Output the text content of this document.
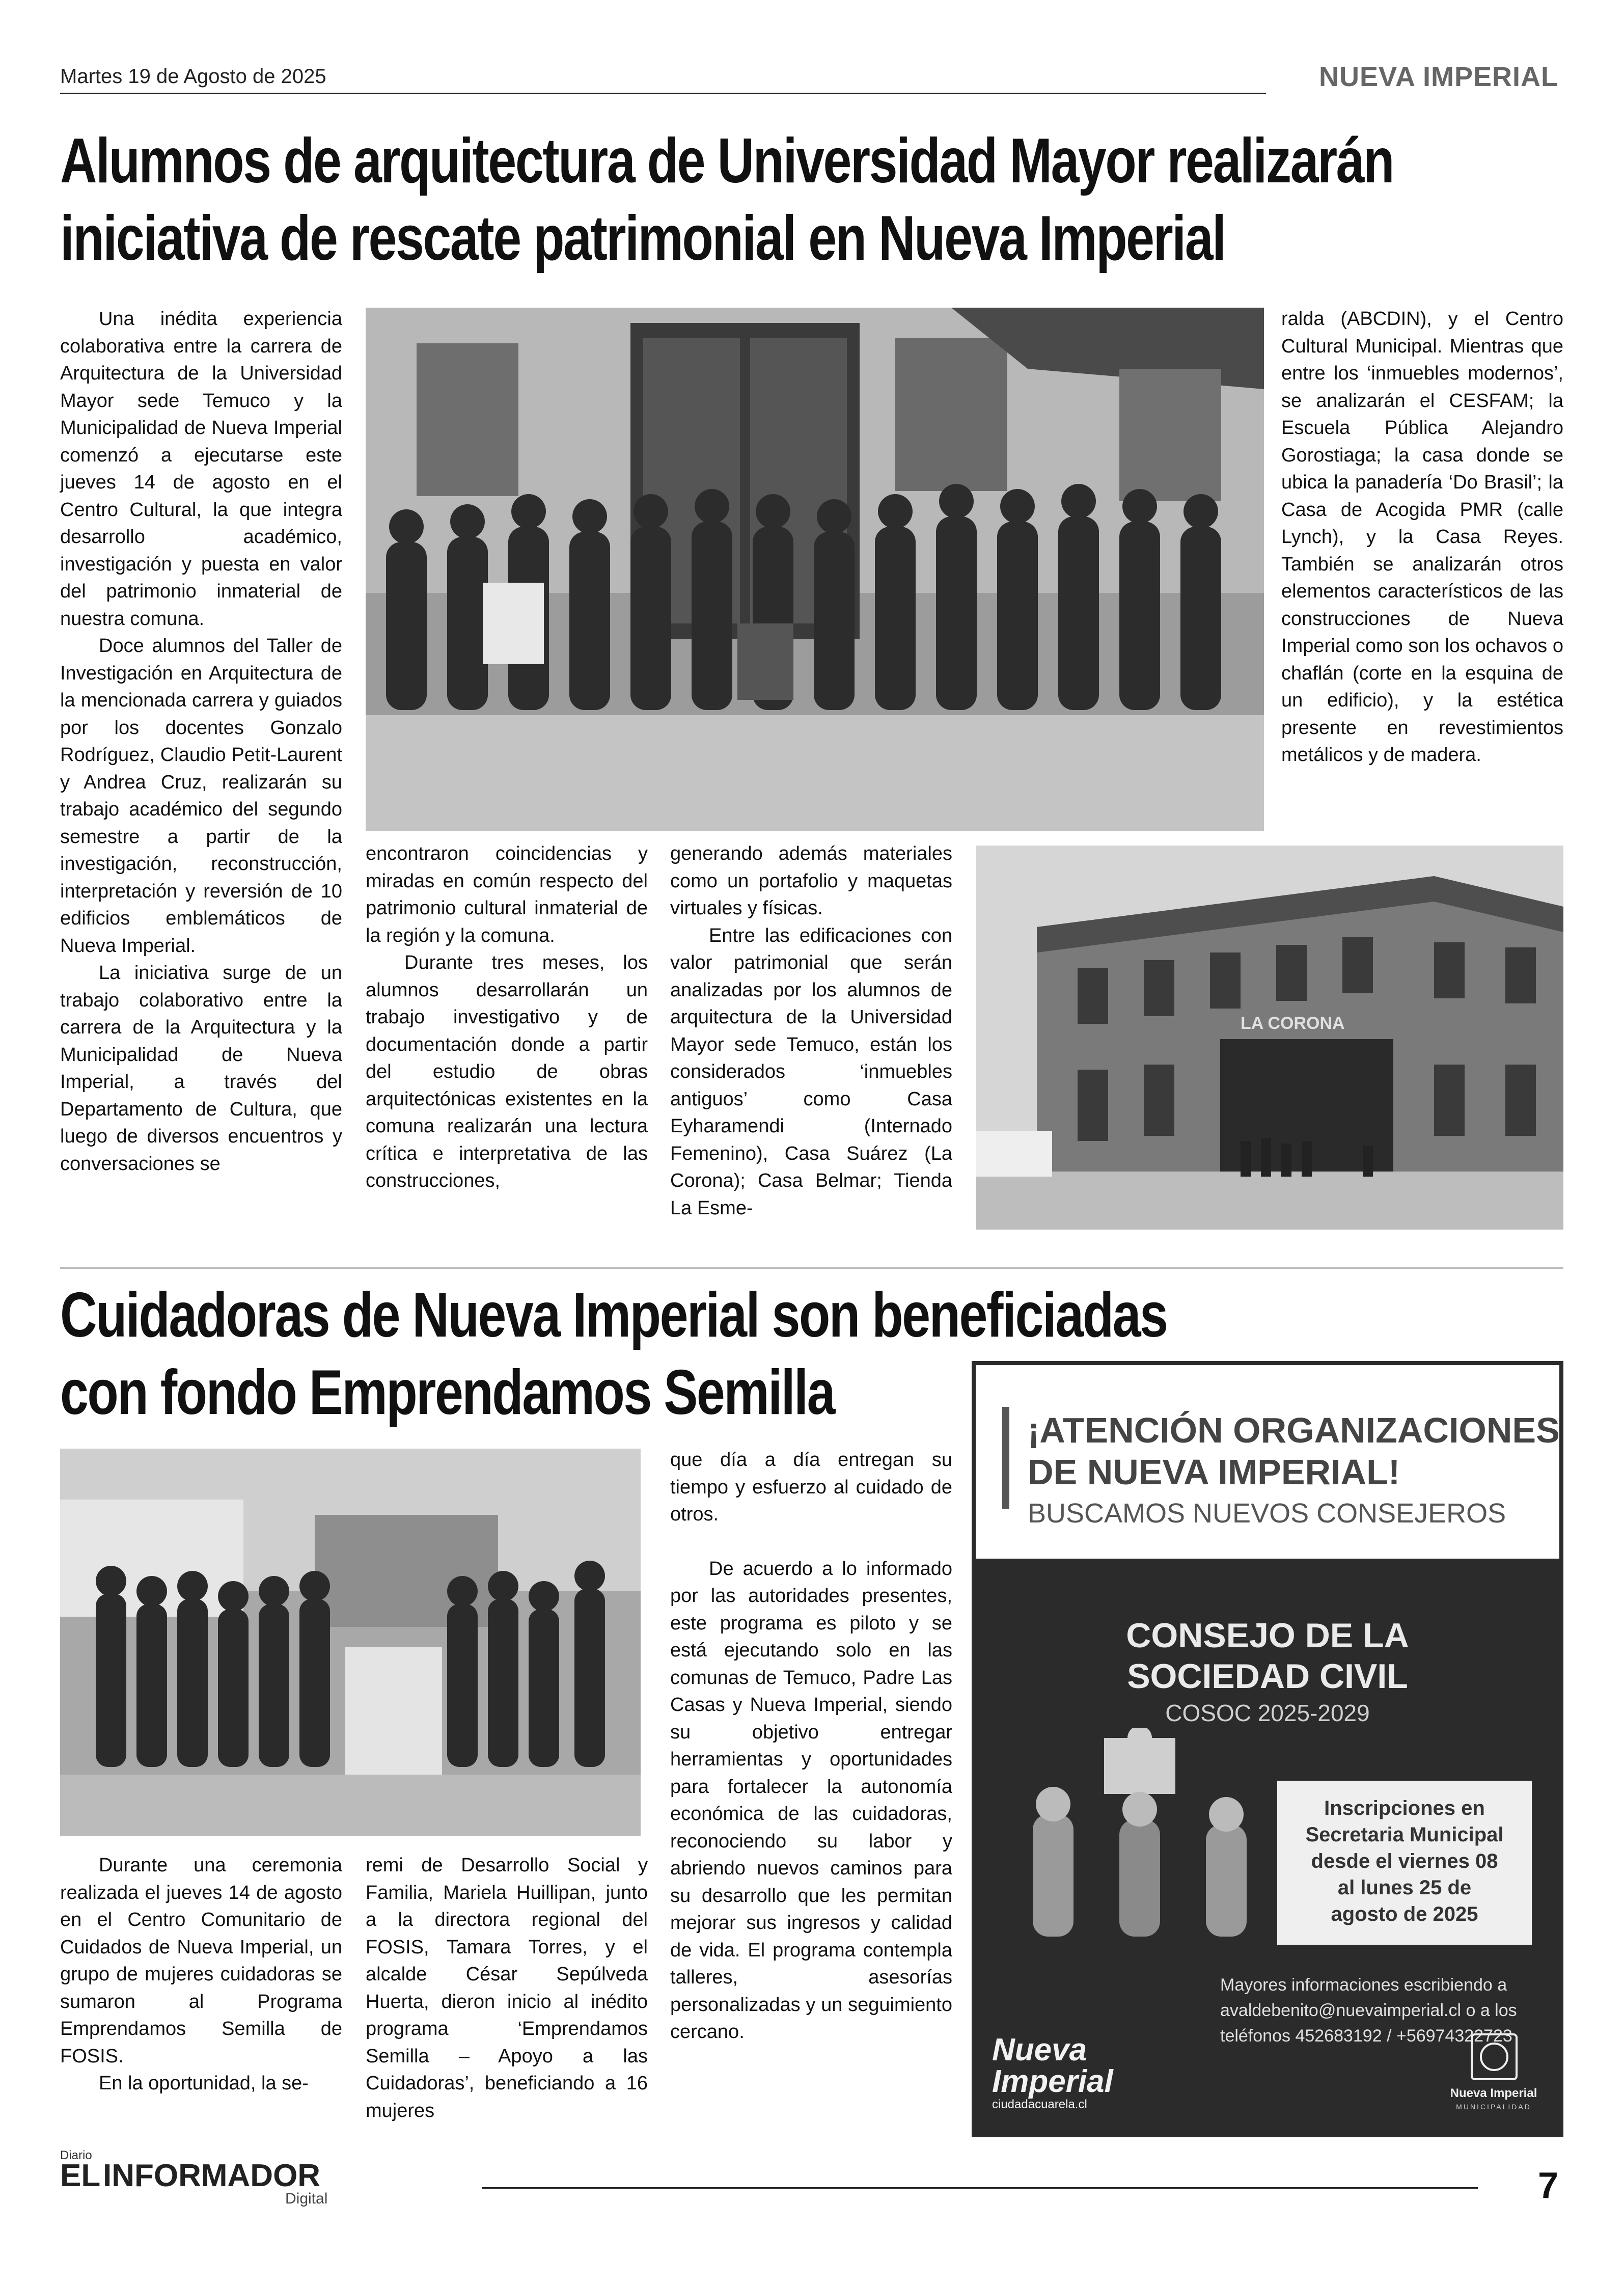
Martes 19 de Agosto de 2025	NUEVA IMPERIAL
Alumnos de arquitectura de Universidad Mayor realizarán
iniciativa de rescate patrimonial en Nueva Imperial
LA CORONA

Una inédita experiencia colaborativa entre la carrera de Arquitectura de la Universidad Mayor sede Temuco y la Municipalidad de Nueva Imperial comenzó a ejecutarse este jueves 14 de agosto en el Centro Cultural, la que integra desarrollo académico, investigación y puesta en valor del patrimonio inmaterial de nuestra comuna.

Doce alumnos del Taller de Investigación en Arquitectura de la mencionada carrera y guiados por los docentes Gonzalo Rodríguez, Claudio Petit-Laurent y Andrea Cruz, realizarán su trabajo académico del segundo semestre a partir de la investigación, reconstrucción, interpretación y reversión de 10 edificios emblemáticos de Nueva Imperial.

La iniciativa surge de un trabajo colaborativo entre la carrera de la Arquitectura y la Municipalidad de Nueva Imperial, a través del Departamento de Cultura, que luego de diversos encuentros y conversaciones se

encontraron coincidencias y miradas en común respecto del patrimonio cultural inmaterial de la región y la comuna.

Durante tres meses, los alumnos desarrollarán un trabajo investigativo y de documentación donde a partir del estudio de obras arquitectónicas existentes en la comuna realizarán una lectura crítica e interpretativa de las construcciones,

generando además materiales como un portafolio y maquetas virtuales y físicas.

Entre las edificaciones con valor patrimonial que serán analizadas por los alumnos de arquitectura de la Universidad Mayor sede Temuco, están los considerados ‘inmuebles antiguos’ como Casa Eyharamendi (Internado Femenino), Casa Suárez (La Corona); Casa Belmar; Tienda La Esme-

ralda (ABCDIN), y el Centro Cultural Municipal. Mientras que entre los ‘inmuebles modernos’, se analizarán el CESFAM; la Escuela Pública Alejandro Gorostiaga; la casa donde se ubica la panadería ‘Do Brasil’; la Casa de Acogida PMR (calle Lynch), y la Casa Reyes. También se analizarán otros elementos característicos de las construcciones de Nueva Imperial como son los ochavos o chaflán (corte en la esquina de un edificio), y la estética presente en revestimientos metálicos y de madera.

Cuidadoras de Nueva Imperial son beneficiadas
con fondo Emprendamos Semilla

Durante una ceremonia realizada el jueves 14 de agosto en el Centro Comunitario de Cuidados de Nueva Imperial, un grupo de mujeres cuidadoras se sumaron al Programa Emprendamos Semilla de FOSIS.

En la oportunidad, la se-

remi de Desarrollo Social y Familia, Mariela Huillipan, junto a la directora regional del FOSIS, Tamara Torres, y el alcalde César Sepúlveda Huerta, dieron inicio al inédito programa ‘Emprendamos Semilla – Apoyo a las Cuidadoras’, beneficiando a 16 mujeres

que día a día entregan su tiempo y esfuerzo al cuidado de otros.

De acuerdo a lo informado por las autoridades presentes, este programa es piloto y se está ejecutando solo en las comunas de Temuco, Padre Las Casas y Nueva Imperial, siendo su objetivo entregar herramientas y oportunidades para fortalecer la autonomía económica de las cuidadoras, reconociendo su labor y abriendo nuevos caminos para su desarrollo que les permitan mejorar sus ingresos y calidad de vida. El programa contempla talleres, asesorías personalizadas y un seguimiento cercano.

¡ATENCIÓN ORGANIZACIONES
DE NUEVA IMPERIAL!
BUSCAMOS NUEVOS CONSEJEROS
CONSEJO DE LA
SOCIEDAD CIVIL
COSOC 2025-2029
Inscripciones en
Secretaria Municipal
desde el viernes 08
al lunes 25 de
agosto de 2025
Mayores informaciones escribiendo a
avaldebenito@nuevaimperial.cl o a los
teléfonos 452683192 / +56974322723
Nueva
Imperial
ciudadacuarela.cl
Nueva Imperial
MUNICIPALIDAD
Diario
EL INFORMADOR
Digital	7
